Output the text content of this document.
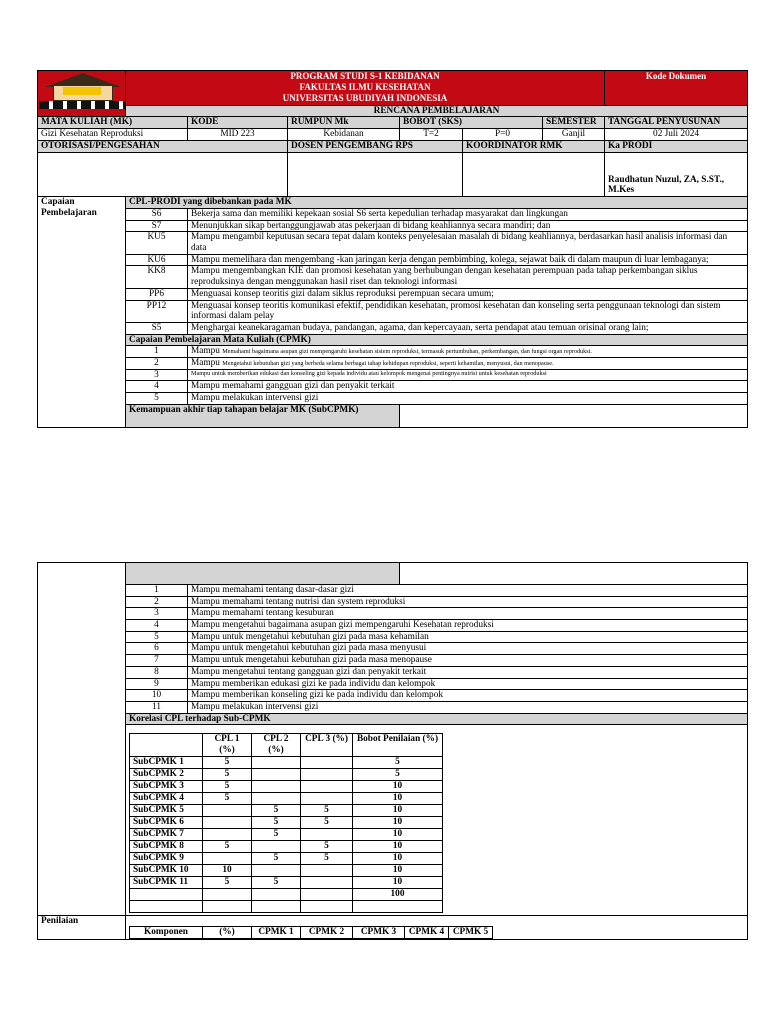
	PROGRAM STUDI S-1 KEBIDANAN
FAKULTAS ILMU KESEHATAN
UNIVERSITAS UBUDIYAH INDONESIA						Kode Dokumen
	RENCANA PEMBELAJARAN						
MATA KULIAH (MK)		KODE	RUMPUN Mk	BOBOT (SKS)		SEMESTER	TANGGAL PENYUSUNAN
Gizi Kesehatan Reproduksi		MID 223	Kebidanan	T=2	P=0	Ganjil	02 Juli 2024
OTORISASI/PENGESAHAN			DOSEN PENGEMBANG RPS		KOORDINATOR RMK		Ka PRODI
							Raudhatun Nuzul, ZA, S.ST., M.Kes
Capaian Pembelajaran	CPL-PRODI yang dibebankan pada MK						
	S6	Bekerja sama dan memiliki kepekaan sosial S6 serta kepedulian terhadap masyarakat dan lingkungan					
	S7	Menunjukkan sikap bertanggungjawab atas pekerjaan di bidang keahliannya secara mandiri; dan					
	KU5	Mampu mengambil keputusan secara tepat dalam konteks penyelesaian masalah di bidang keahliannya, berdasarkan hasil analisis informasi dan data					
	KU6	Mampu memelihara dan mengembang -kan jaringan kerja dengan pembimbing, kolega, sejawat baik di dalam maupun di luar lembaganya;					
	KK8	Mampu mengembangkan KIE dan promosi kesehatan yang berhubungan dengan kesehatan perempuan pada tahap perkembangan siklus reproduksinya dengan menggunakan hasil riset dan teknologi informasi					
	PP6	Menguasai konsep teoritis gizi dalam siklus reproduksi perempuan secara umum;					
	PP12	Menguasai konsep teoritis komunikasi efektif, pendidikan kesehatan, promosi kesehatan dan konseling serta penggunaan teknologi dan sistem informasi dalam pelay					
	S5	Menghargai keanekaragaman budaya, pandangan, agama, dan kepercayaan, serta pendapat atau temuan orisinal orang lain;					
	Capaian Pembelajaran Mata Kuliah (CPMK)						
	1	Mampu Memahami bagaimana asupan gizi mempengaruhi kesehatan sistem reproduksi, termasuk pertumbuhan, perkembangan, dan fungsi organ reproduksi.					
	2	Mampu Mengetahui kebutuhan gizi yang berbeda selama berbagai tahap kehidupan reproduksi, seperti kehamilan, menyusui, dan menopause.					
	3	Mampu untuk memberikan edukasi dan konseling gizi kepada individu atau kelompok mengenai pentingnya nutrisi untuk kesehatan reproduksi					
	4	Mampu memahami gangguan gizi dan penyakit terkait					
	5	Mampu melakukan intervensi gizi					
	Kemampuan akhir tiap tahapan belajar MK (SubCPMK)						

1	Mampu memahami tentang dasar-dasar gizi
2	Mampu memahami tentang nutrisi dan system reproduksi
3	Mampu memahami tentang kesuburan
4	Mampu mengetahui bagaimana asupan gizi mempengaruhi Kesehatan reproduksi
5	Mampu untuk mengetahui kebutuhan gizi pada masa kehamilan
6	Mampu untuk mengetahui kebutuhan gizi pada masa menyusui
7	Mampu untuk mengetahui kebutuhan gizi pada masa menopause
8	Mampu mengetahui tentang gangguan gizi dan penyakit terkait
9	Mampu memberikan edukasi gizi ke pada individu dan kelompok
10	Mampu memberikan konseling gizi ke pada individu dan kelompok
11	Mampu melakukan intervensi gizi
Korelasi CPL terhadap Sub-CPMK

	CPL 1 (%)	CPL 2 (%)	CPL 3 (%)	Bobot Penilaian (%)
SubCPMK 1	5			5
SubCPMK 2	5			5
SubCPMK 3	5			10
SubCPMK 4	5			10
SubCPMK 5		5	5	10
SubCPMK 6		5	5	10
SubCPMK 7		5		10
SubCPMK 8	5		5	10
SubCPMK 9		5	5	10
SubCPMK 10	10			10
SubCPMK 11	5	5		10
				100

Penilaian	
Komponen	(%)	CPMK 1	CPMK 2	CPMK 3	CPMK 4	CPMK 5
